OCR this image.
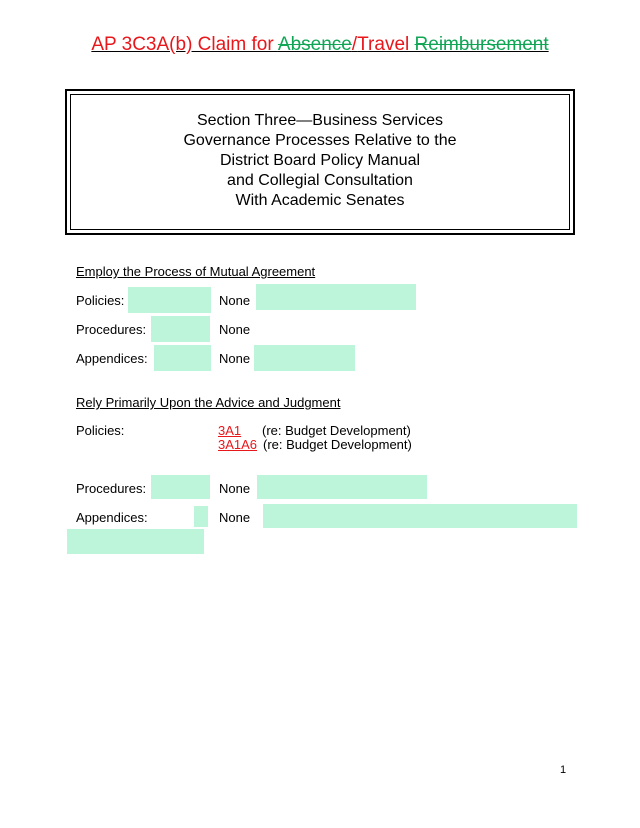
AP 3C3A(b) Claim for Absence/Travel Reimbursement
Section Three—Business Services
Governance Processes Relative to the
District Board Policy Manual
and Collegial Consultation
With Academic Senates
Employ the Process of Mutual Agreement
Policies:	None
Procedures:	None
Appendices:	None
Rely Primarily Upon the Advice and Judgment
Policies:	3A1 (re: Budget Development)
3A1A6 (re: Budget Development)
Procedures:	None
Appendices:	None
1
